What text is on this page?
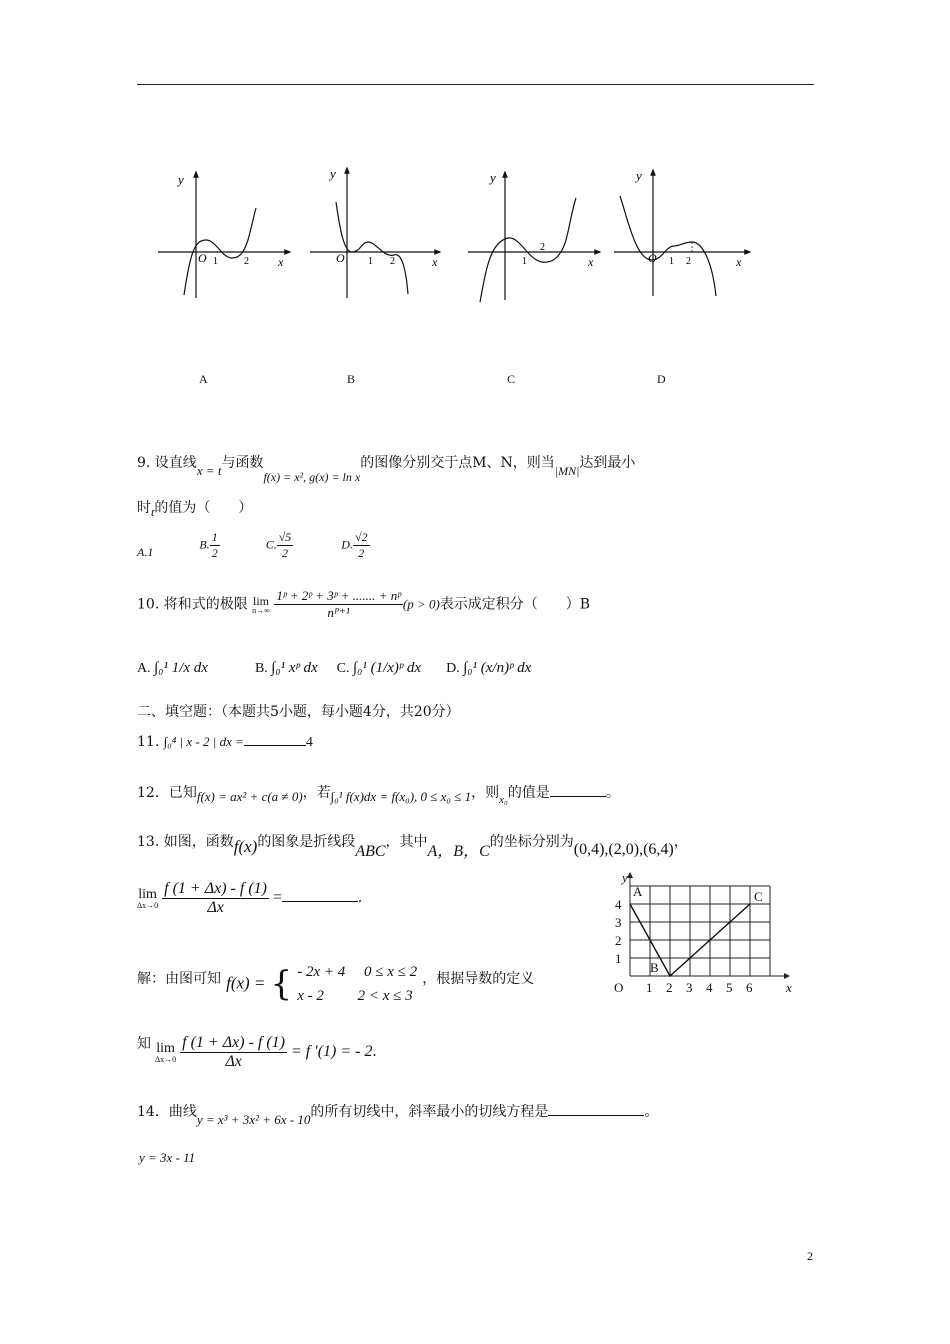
y
x
O 1	2
y
x
O 1 2
y
x
1
2
y
x
O 1 2
A	B	C	D
9. 设直线x = t与函数f(x) = x², g(x) = ln x的图像分别交于点M、N，则当|MN|达到最小
时t的值为（　　）
A.1  B. $\frac{1}{2}$	C. $\frac{√5}{2}$	D. $\frac{√2}{2}$
10. 将和式的极限 lim
n→∞
$\frac{\text{1ᵖ + 2ᵖ + 3ᵖ + ....... + nᵖ}}{\text{nᴾ⁺¹}} (p > 0)$表示成定积分（　　）B
A. ∫₀¹ 1/x dx	B. ∫₀¹ xᵖ dx C. ∫₀¹ (1/x)ᵖ dx D. ∫₀¹ (x/n)ᵖ dx
二、填空题：（本题共5小题，每小题4分，共20分）
11. ∫₀⁴ | x - 2 | dx =	4
12．已知f(x) = ax² + c(a ≠ 0)，若∫₀¹ f(x)dx = f(x₀), 0 ≤ x₀ ≤ 1，则$_{x_0}$的值是	。
13. 如图，函数f(x)的图象是折线段ABC，其中A，B，C的坐标分别为(0,4),(2,0),(6,4)，
lim
Δx→0
$\frac{f (1 + \Delta x) - f (1)}{\Delta x}$ =	.
解：由图可知 f(x) = { - 2x + 4　 0 ≤ x ≤ 2
x - 2　　 2 < x ≤ 3
，根据导数的定义
知 lim
Δx→0
$\frac{f (1 + \Delta x) - f (1)}{\Delta x} = f$ ′(1) = - 2.
1 2 3 4 5 6
1
2
3
4
O	x
y
A
B
C
14．曲线y = x³ + 3x² + 6x - 10的所有切线中，斜率最小的切线方程是	。
y = 3x - 11
2
